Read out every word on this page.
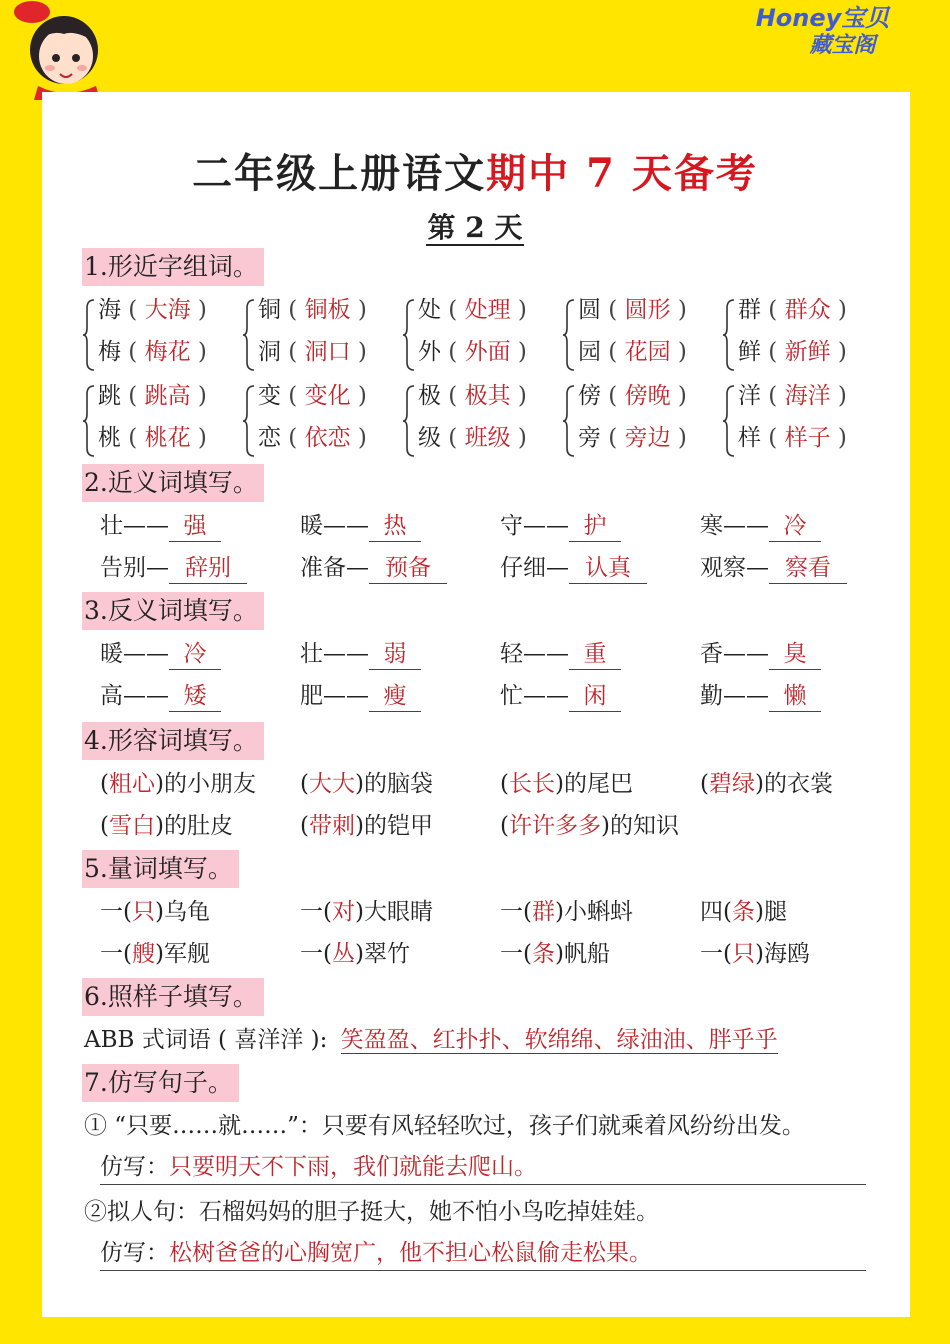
Honey宝贝
藏宝阁
二年级上册语文期中 7 天备考
第 2 天
1.形近字组词。
海 ( 大海 )
梅 ( 梅花 )
铜 ( 铜板 )
洞 ( 洞口 )
处 ( 处理 )
外 ( 外面 )
圆 ( 圆形 )
园 ( 花园 )
群 ( 群众 )
鲜 ( 新鲜 )
跳 ( 跳高 )
桃 ( 桃花 )
变 ( 变化 )
恋 ( 依恋 )
极 ( 极其 )
级 ( 班级 )
傍 ( 傍晚 )
旁 ( 旁边 )
洋 ( 海洋 )
样 ( 样子 )
2.近义词填写。
壮—— 强	暖—— 热	守—— 护	寒—— 冷
告别— 辞别	准备— 预备	仔细— 认真	观察— 察看
3.反义词填写。
暖—— 冷	壮—— 弱	轻—— 重	香—— 臭
高—— 矮	肥—— 瘦	忙—— 闲	勤—— 懒
4.形容词填写。
(粗心)的小朋友 (大大)的脑袋	(长长)的尾巴	(碧绿)的衣裳
(雪白)的肚皮	(带刺)的铠甲	(许许多多)的知识
5.量词填写。
一(只)乌龟	一(对)大眼睛	一(群)小蝌蚪	四(条)腿
一(艘)军舰	一(丛)翠竹	一(条)帆船	一(只)海鸥
6.照样子填写。
ABB 式词语 ( 喜洋洋 ): 笑盈盈、红扑扑、软绵绵、绿油油、胖乎乎
7.仿写句子。
① “只要……就……”：只要有风轻轻吹过，孩子们就乘着风纷纷出发。
仿写：只要明天不下雨，我们就能去爬山。
②拟人句：石榴妈妈的胆子挺大，她不怕小鸟吃掉娃娃。
仿写：松树爸爸的心胸宽广，他不担心松鼠偷走松果。
